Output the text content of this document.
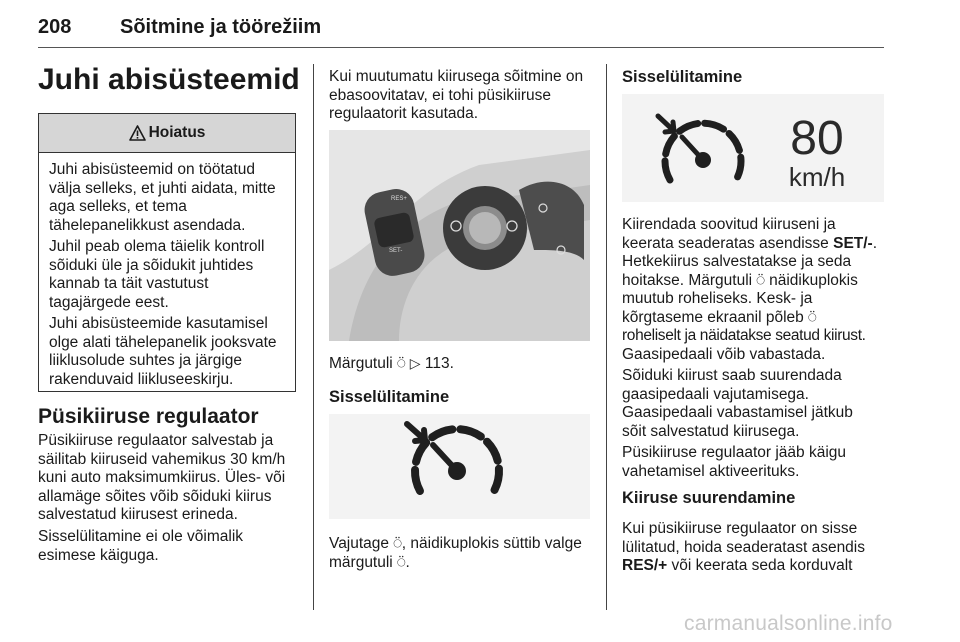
208 Sõitmine ja töörežiim
Juhi abisüsteemid
Hoiatus
Juhi abisüsteemid on töötatud
välja selleks, et juhti aidata, mitte
aga selleks, et tema
tähelepanelikkust asendada.
Juhil peab olema täielik kontroll
sõiduki üle ja sõidukit juhtides
kannab ta täit vastutust
tagajärgede eest.
Juhi abisüsteemide kasutamisel
olge alati tähelepanelik jooksvate
liiklusolude suhtes ja järgige
rakenduvaid liikluseeskirju.
Püsikiiruse regulaator
Püsikiiruse regulaator salvestab ja
säilitab kiiruseid vahemikus 30 km/h
kuni auto maksimumkiirus. Üles- või
allamäge sõites võib sõiduki kiirus
salvestatud kiirusest erineda.
Sisselülitamine ei ole võimalik
esimese käiguga.
Kui muutumatu kiirusega sõitmine on
ebasoovitatav, ei tohi püsikiiruse
regulaatorit kasutada.
RES+
SET-
Märgutuli ⍥ ▷ 113.
Sisselülitamine
Vajutage ⍥, näidikuplokis süttib valge
märgutuli ⍥.
Sisselülitamine
80
km/h
Kiirendada soovitud kiiruseni ja
keerata seaderatas asendisse SET/-.
Hetkekiirus salvestatakse ja seda
hoitakse. Märgutuli ⍥ näidikuplokis
muutub roheliseks. Kesk- ja
kõrgtaseme ekraanil põleb ⍥
roheliselt ja näidatakse seatud kiirust.
Gaasipedaali võib vabastada.
Sõiduki kiirust saab suurendada
gaasipedaali vajutamisega.
Gaasipedaali vabastamisel jätkub
sõit salvestatud kiirusega.
Püsikiiruse regulaator jääb käigu
vahetamisel aktiveerituks.
Kiiruse suurendamine
Kui püsikiiruse regulaator on sisse
lülitatud, hoida seaderatast asendis
RES/+ või keerata seda korduvalt
carmanualsonline.info
